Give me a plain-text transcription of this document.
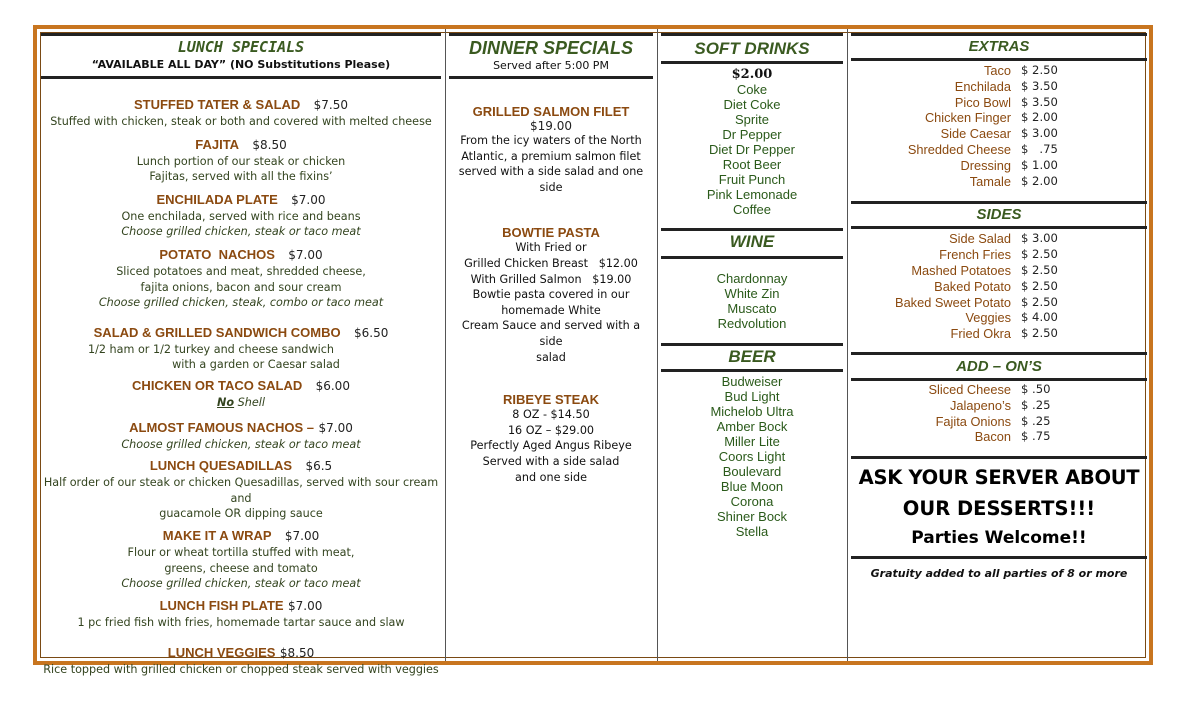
LUNCH SPECIALS
“AVAILABLE ALL DAY” (NO Substitutions Please)
STUFFED TATER & SALAD $7.50
Stuffed with chicken, steak or both and covered with melted cheese
FAJITA $8.50
Lunch portion of our steak or chicken
Fajitas, served with all the fixins’
ENCHILADA PLATE $7.00
One enchilada, served with rice and beans
Choose grilled chicken, steak or taco meat
POTATO  NACHOS $7.00
Sliced potatoes and meat, shredded cheese,
fajita onions, bacon and sour cream
Choose grilled chicken, steak, combo or taco meat
SALAD & GRILLED SANDWICH COMBO $6.50
1/2 ham or 1/2 turkey and cheese sandwich
with a garden or Caesar salad
CHICKEN OR TACO SALAD $6.00
No Shell
ALMOST FAMOUS NACHOS – $7.00
Choose grilled chicken, steak or taco meat
LUNCH QUESADILLAS $6.5
Half order of our steak or chicken Quesadillas, served with sour cream and
guacamole OR dipping sauce
MAKE IT A WRAP $7.00
Flour or wheat tortilla stuffed with meat,
greens, cheese and tomato
Choose grilled chicken, steak or taco meat
LUNCH FISH PLATE $7.00
1 pc fried fish with fries, homemade tartar sauce and slaw
LUNCH VEGGIES $8.50
Rice topped with grilled chicken or chopped steak served with veggies
DINNER SPECIALS
Served after 5:00 PM
GRILLED SALMON FILET
$19.00
From the icy waters of the North
Atlantic, a premium salmon filet
served with a side salad and one side
BOWTIE PASTA
With Fried or
Grilled Chicken Breast   $12.00
With Grilled Salmon   $19.00
Bowtie pasta covered in our
homemade White
Cream Sauce and served with a side
salad
RIBEYE STEAK
8 OZ - $14.50
16 OZ – $29.00
Perfectly Aged Angus Ribeye
Served with a side salad
and one side
SOFT DRINKS
$2.00
Coke
Diet Coke
Sprite
Dr Pepper
Diet Dr Pepper
Root Beer
Fruit Punch
Pink Lemonade
Coffee
WINE
Chardonnay
White Zin
Muscato
Redvolution
BEER
Budweiser
Bud Light
Michelob Ultra
Amber Bock
Miller Lite
Coors Light
Boulevard
Blue Moon
Corona
Shiner Bock
Stella
EXTRAS
Taco $ 2.50
Enchilada $ 3.50
Pico Bowl $ 3.50
Chicken Finger $ 2.00
Side Caesar $ 3.00
Shredded Cheese $   .75
Dressing $ 1.00
Tamale $ 2.00
SIDES
Side Salad $ 3.00
French Fries $ 2.50
Mashed Potatoes $ 2.50
Baked Potato $ 2.50
Baked Sweet Potato $ 2.50
Veggies $ 4.00
Fried Okra $ 2.50
ADD – ON’S
Sliced Cheese $ .50
Jalapeno’s $ .25
Fajita Onions $ .25
Bacon $ .75
ASK YOUR SERVER ABOUT
OUR DESSERTS!!!
Parties Welcome!!
Gratuity added to all parties of 8 or more
